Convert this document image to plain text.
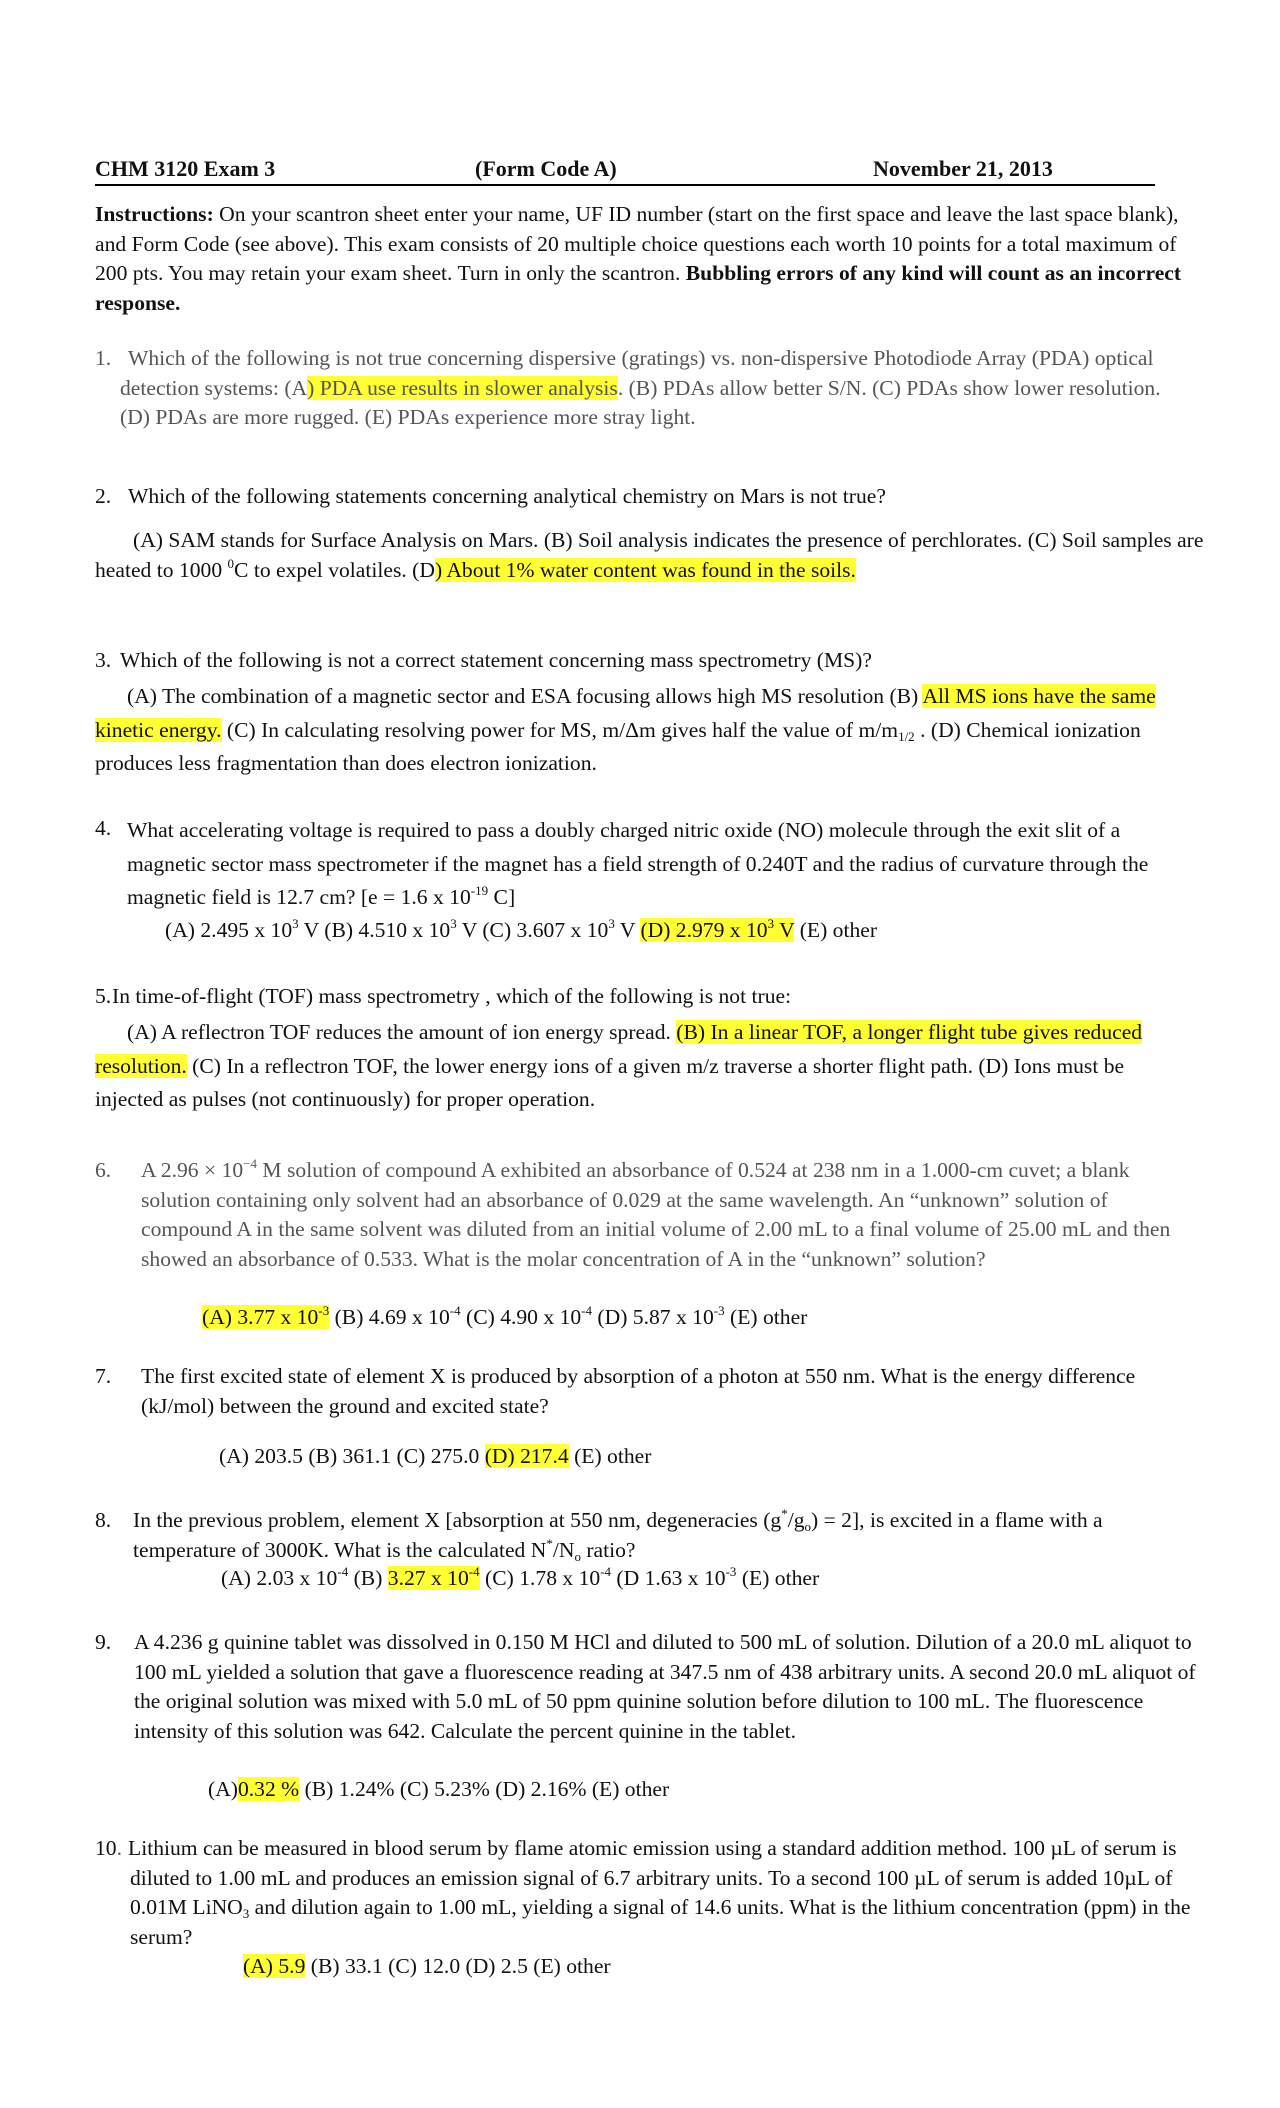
CHM 3120 Exam 3	(Form Code A)	November 21, 2013
Instructions: On your scantron sheet enter your name, UF ID number (start on the first space and leave the last space blank), and Form Code (see above). This exam consists of 20 multiple choice questions each worth 10 points for a total maximum of 200 pts. You may retain your exam sheet. Turn in only the scantron. Bubbling errors of any kind will count as an incorrect response.
1. Which of the following is not true concerning dispersive (gratings) vs. non-dispersive Photodiode Array (PDA) optical detection systems: (A) PDA use results in slower analysis. (B) PDAs allow better S/N. (C) PDAs show lower resolution. (D) PDAs are more rugged. (E) PDAs experience more stray light.
2. Which of the following statements concerning analytical chemistry on Mars is not true?
(A) SAM stands for Surface Analysis on Mars. (B) Soil analysis indicates the presence of perchlorates. (C) Soil samples are heated to 1000 $^0$C to expel volatiles. (D) About 1% water content was found in the soils.
3. Which of the following is not a correct statement concerning mass spectrometry (MS)?
(A) The combination of a magnetic sector and ESA focusing allows high MS resolution (B) All MS ions have the same kinetic energy. (C) In calculating resolving power for MS, m/Δm gives half the value of $m/m_{1/2}$ . (D) Chemical ionization produces less fragmentation than does electron ionization.
4. What accelerating voltage is required to pass a doubly charged nitric oxide (NO) molecule through the exit slit of a magnetic sector mass spectrometer if the magnet has a field strength of 0.240T and the radius of curvature through the magnetic field is 12.7 cm? [e = 1.6 x $10^{-19}$ C]
(A) 2.495 x $10^3$ V (B) 4.510 x $10^3$ V (C) 3.607 x $10^3$ V (D) 2.979 x $10^3$ V (E) other
5. In time-of-flight (TOF) mass spectrometry , which of the following is not true:
(A) A reflectron TOF reduces the amount of ion energy spread. (B) In a linear TOF, a longer flight tube gives reduced resolution. (C) In a reflectron TOF, the lower energy ions of a given m/z traverse a shorter flight path. (D) Ions must be injected as pulses (not continuously) for proper operation.
6. A $2.96 \times 10^{-4}$ M solution of compound A exhibited an absorbance of 0.524 at 238 nm in a 1.000-cm cuvet; a blank solution containing only solvent had an absorbance of 0.029 at the same wavelength. An “unknown” solution of compound A in the same solvent was diluted from an initial volume of 2.00 mL to a final volume of 25.00 mL and then showed an absorbance of 0.533. What is the molar concentration of A in the “unknown” solution?
(A) 3.77 x $10^{-3}$ (B) 4.69 x $10^{-4}$ (C) 4.90 x $10^{-4}$ (D) 5.87 x $10^{-3}$ (E) other
7. The first excited state of element X is produced by absorption of a photon at 550 nm. What is the energy difference (kJ/mol) between the ground and excited state?
(A) 203.5 (B) 361.1 (C) 275.0 (D) 217.4 (E) other
8. In the previous problem, element X [absorption at 550 nm, degeneracies $(g^*/g_o) = 2$], is excited in a flame with a temperature of 3000K. What is the calculated $N^*/N_o$ ratio?
(A) 2.03 x $10^{-4}$ (B) 3.27 x $10^{-4}$ (C) 1.78 x $10^{-4}$ (D 1.63 x $10^{-3}$ (E) other
9. A 4.236 g quinine tablet was dissolved in 0.150 M HCl and diluted to 500 mL of solution. Dilution of a 20.0 mL aliquot to 100 mL yielded a solution that gave a fluorescence reading at 347.5 nm of 438 arbitrary units. A second 20.0 mL aliquot of the original solution was mixed with 5.0 mL of 50 ppm quinine solution before dilution to 100 mL. The fluorescence intensity of this solution was 642. Calculate the percent quinine in the tablet.
(A)0.32 % (B) 1.24% (C) 5.23% (D) 2.16% (E) other
10. Lithium can be measured in blood serum by flame atomic emission using a standard addition method. 100 µL of serum is diluted to 1.00 mL and produces an emission signal of 6.7 arbitrary units. To a second 100 µL of serum is added 10µL of 0.01M LiNO$_3$ and dilution again to 1.00 mL, yielding a signal of 14.6 units. What is the lithium concentration (ppm) in the serum?
(A) 5.9 (B) 33.1 (C) 12.0 (D) 2.5 (E) other
